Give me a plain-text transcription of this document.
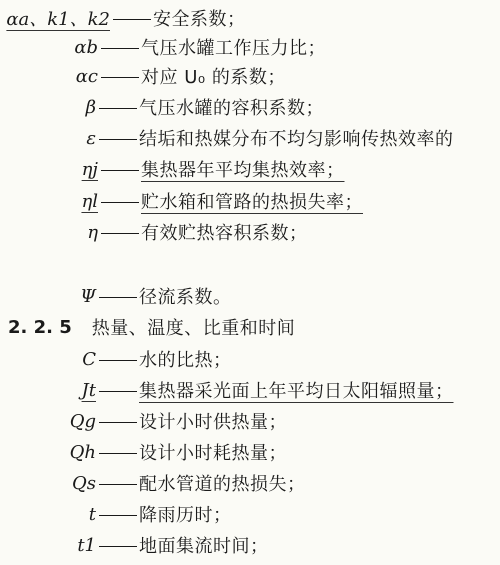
αa、k1、k2 安全系数；
αb 气压水罐工作压力比；
αc 对应 U₀ 的系数；
β 气压水罐的容积系数；
ε 结垢和热媒分布不均匀影响传热效率的
ηj 集热器年平均集热效率；
ηl 贮水箱和管路的热损失率；
η 有效贮热容积系数；
Ψ 径流系数。
2. 2. 5 热量、温度、比重和时间
C 水的比热；
Jt 集热器采光面上年平均日太阳辐照量；
Qg 设计小时供热量；
Qh 设计小时耗热量；
Qs 配水管道的热损失；
t 降雨历时；
t1 地面集流时间；
